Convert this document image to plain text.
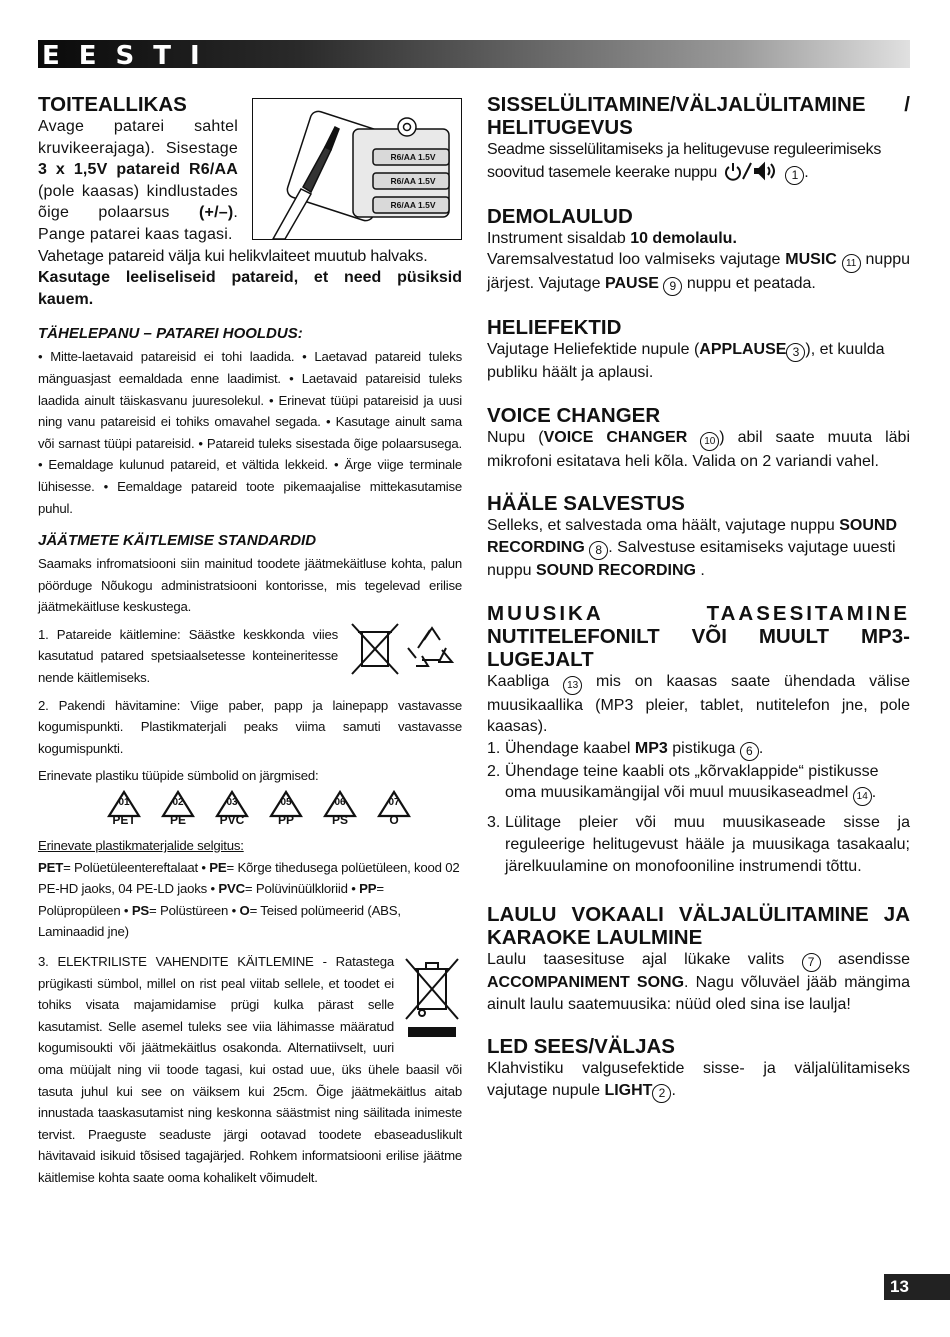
EESTI
R6/AA 1.5V
R6/AA 1.5V
R6/AA 1.5V
TOITEALLIKAS

Avage patarei sahtel kruvikeerajaga). Sisestage 3 x 1,5V patareid R6/AA (pole kaasas) kindlustades õige polaarsus (+/–). Pange patarei kaas tagasi.

Vahetage patareid välja kui helikvlaiteet muutub halvaks.

Kasutage leeliseliseid patareid, et need püsiksid kauem.

TÄHELEPANU – PATAREI HOOLDUS:

• Mitte-laetavaid patareisid ei tohi laadida. • Laetavad patareid tuleks mänguasjast eemaldada enne laadimist. • Laetavaid patareisid tuleks laadida ainult täiskasvanu juuresolekul. • Erinevat tüüpi patareisid ja uusi ning vanu patareisid ei tohiks omavahel segada. • Kasutage ainult sama või sarnast tüüpi patareisid. • Patareid tuleks sisestada õige polaarsusega. • Eemaldage kulunud patareid, et vältida lekkeid. • Ärge viige terminale lühisesse. • Eemaldage patareid toote pikemaajalise mittekasutamise puhul.

JÄÄTMETE KÄITLEMISE STANDARDID

Saamaks infromatsiooni siin mainitud toodete jäätmekäitluse kohta, palun pöörduge Nõukogu administratsiooni kontorisse, mis tegelevad erilise jäätmekäitluse keskustega.

1. Patareide käitlemine: Säästke keskkonda viies kasutatud patared spetsiaalsetesse konteineritesse nende käitlemiseks.

2. Pakendi hävitamine: Viige paber, papp ja lainepapp vastavasse kogumispunkti. Plastikmaterjali peaks viima samuti vastavasse kogumispunkti.

Erinevate plastiku tüüpide sümbolid on järgmised:

01
PET
02
PE
03
PVC
05
PP
06
PS
07
O

Erinevate plastikmaterjalide selgitus:

PET= Polüetüleentereftalaat • PE= Kõrge tihedusega polüetüleen, kood 02 PE-HD jaoks, 04 PE-LD jaoks • PVC= Polüvinüülkloriid • PP= Polüpropüleen • PS= Polüstüreen • O= Teised polümeerid (ABS, Laminaadid jne)

3. ELEKTRILISTE VAHENDITE KÄITLEMINE - Ratastega prügikasti sümbol, millel on rist peal viitab sellele, et toodet ei tohiks visata majamidamise prügi kulka pärast selle kasutamist. Selle asemel tuleks see viia lähimasse määratud kogumisoukti või jäätmekäitlus osakonda. Alternatiivselt, uuri oma müüjalt ning vii toode tagasi, kui ostad uue, üks ühele baasil või tasuta juhul kui see on väiksem kui 25cm. Õige jäätmekäitlus aitab innustada taaskasutamist ning keskonna säästmist ning säilitada inimeste tervist. Praeguste seaduste järgi ootavad toodete ebaseaduslikult hävitavaid isikuid tõsised tagajärjed. Rohkem informatsiooni erilise jäätme käitlemise kohta saate ooma kohalikelt võimudelt.

SISSELÜLITAMINE/VÄLJALÜLITAMINE /
HELITUGEVUS

Seadme sisselülitamiseks ja helitugevuse reguleerimiseks soovitud tasemele keerake nuppu	1 .

DEMOLAULUD

Instrument sisaldab 10 demolaulu.

Varemsalvestatud loo valmiseks vajutage MUSIC 11 nuppu järjest. Vajutage PAUSE 9 nuppu et peatada.

HELIEFEKTID

Vajutage Heliefektide nupule (APPLAUSE 3 ), et kuulda publiku häält ja aplausi.

VOICE CHANGER

Nupu (VOICE CHANGER 10 ) abil saate muuta läbi mikrofoni esitatava heli kõla. Valida on 2 variandi vahel.

HÄÄLE SALVESTUS

Selleks, et salvestada oma häält, vajutage nuppu SOUND RECORDING 8 . Salvestuse esitamiseks vajutage uuesti nuppu SOUND RECORDING .

MUUSIKA	TAASESITAMINE
NUTITELEFONILT VÕI MUULT MP3-
LUGEJALT

Kaabliga 13 mis on kaasas saate ühendada välise muusikaallika (MP3 pleier, tablet, nutitelefon jne, pole kaasas).

1. Ühendage kaabel MP3 pistikuga 6 .
2. Ühendage teine kaabli ots „kõrvaklappide“ pistikusse oma muusikamängijal või muul muusikaseadmel 14 .
3. Lülitage pleier või muu muusikaseade sisse ja reguleerige helitugevust hääle ja muusikaga tasakaalu; järelkuulamine on monofooniline instrumendi tõttu.
LAULU VOKAALI VÄLJALÜLITAMINE JA KARAOKE LAULMINE

Laulu taasesituse ajal lükake valits 7 asendisse ACCOMPANIMENT SONG. Nagu võluväel jääb mängima ainult laulu saatemuusika: nüüd oled sina ise laulja!

LED SEES/VÄLJAS

Klahvistiku valgusefektide sisse- ja väljalülitamiseks vajutage nupule LIGHT 2 .

13
